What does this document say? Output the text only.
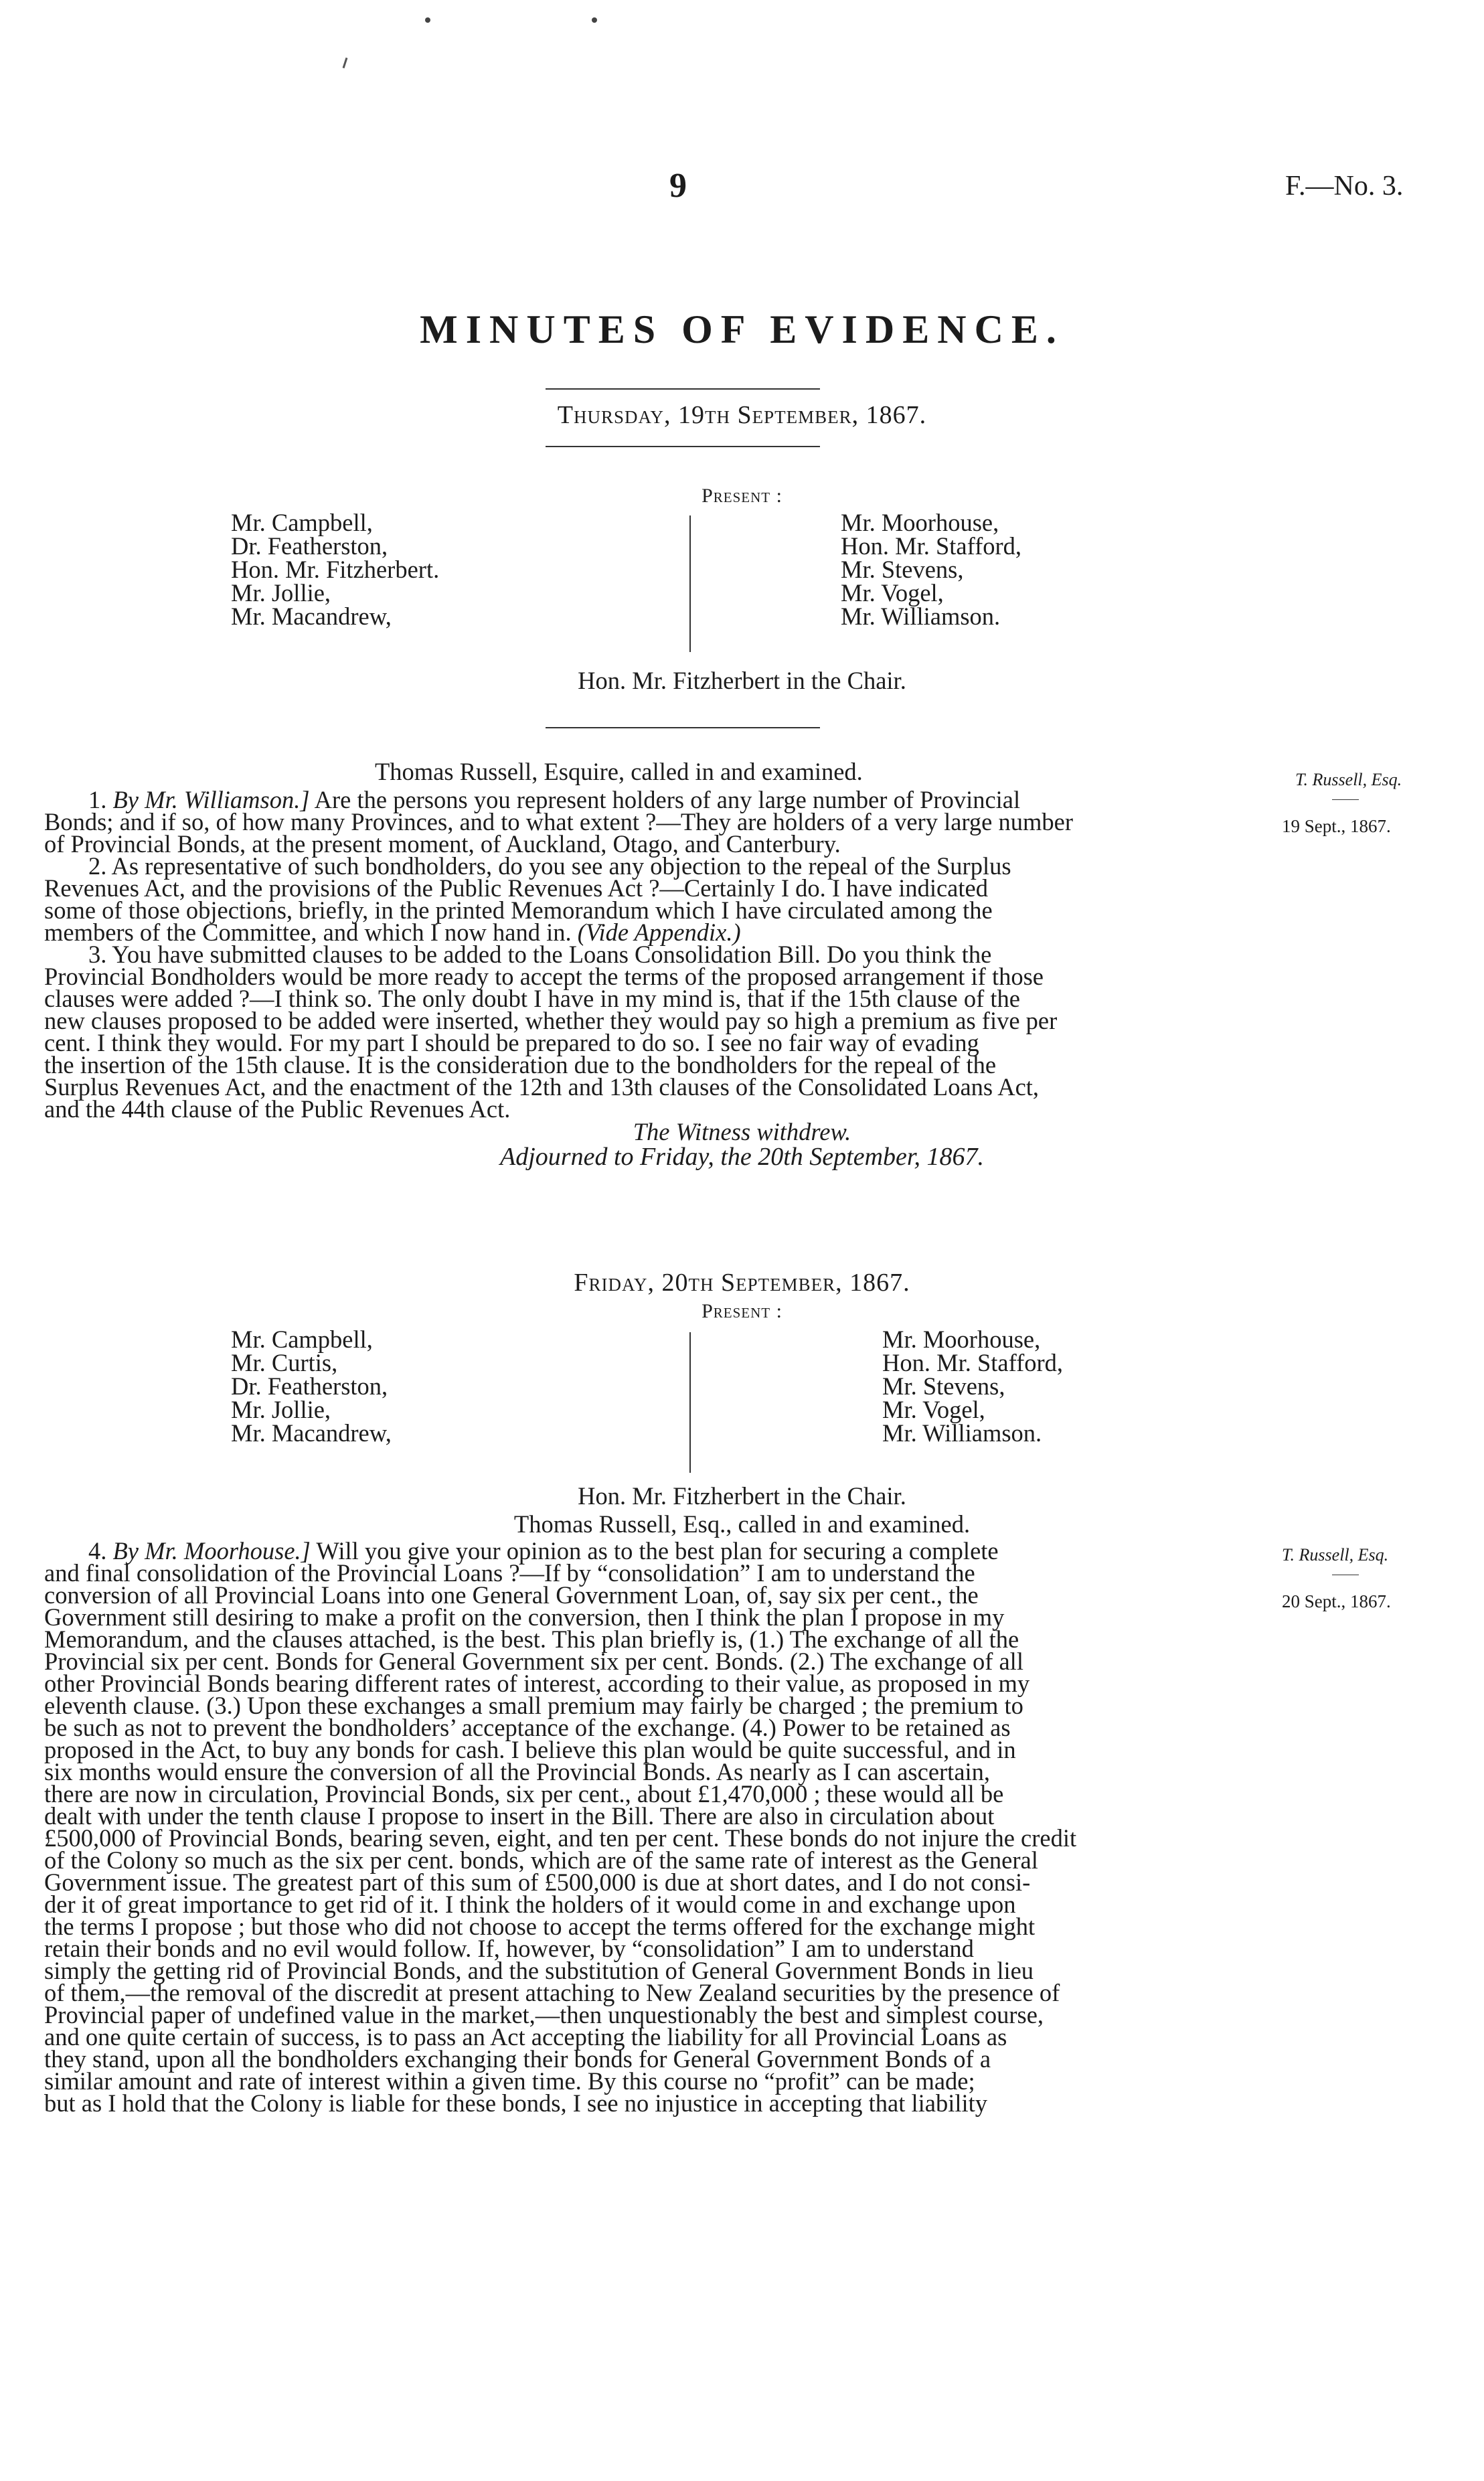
9	F.—No. 3.
MINUTES OF EVIDENCE.
Thursday, 19th September, 1867.
Present :
Mr. Campbell,
Dr. Featherston,
Hon. Mr. Fitzherbert.
Mr. Jollie,
Mr. Macandrew,
Mr. Moorhouse,
Hon. Mr. Stafford,
Mr. Stevens,
Mr. Vogel,
Mr. Williamson.
Hon. Mr. Fitzherbert in the Chair.
Thomas Russell, Esquire, called in and examined.	T. Russell, Esq.
19 Sept., 1867.
1. By Mr. Williamson.] Are the persons you represent holders of any large number of Provincial
Bonds; and if so, of how many Provinces, and to what extent ?—They are holders of a very large number
of Provincial Bonds, at the present moment, of Auckland, Otago, and Canterbury.
2. As representative of such bondholders, do you see any objection to the repeal of the Surplus
Revenues Act, and the provisions of the Public Revenues Act ?—Certainly I do. I have indicated
some of those objections, briefly, in the printed Memorandum which I have circulated among the
members of the Committee, and which I now hand in. (Vide Appendix.)
3. You have submitted clauses to be added to the Loans Consolidation Bill. Do you think the
Provincial Bondholders would be more ready to accept the terms of the proposed arrangement if those
clauses were added ?—I think so. The only doubt I have in my mind is, that if the 15th clause of the
new clauses proposed to be added were inserted, whether they would pay so high a premium as five per
cent. I think they would. For my part I should be prepared to do so. I see no fair way of evading
the insertion of the 15th clause. It is the consideration due to the bondholders for the repeal of the
Surplus Revenues Act, and the enactment of the 12th and 13th clauses of the Consolidated Loans Act,
and the 44th clause of the Public Revenues Act.
The Witness withdrew.
Adjourned to Friday, the 20th September, 1867.
Friday, 20th September, 1867.
Present :
Mr. Campbell,
Mr. Curtis,
Dr. Featherston,
Mr. Jollie,
Mr. Macandrew,
Mr. Moorhouse,
Hon. Mr. Stafford,
Mr. Stevens,
Mr. Vogel,
Mr. Williamson.
Hon. Mr. Fitzherbert in the Chair.
Thomas Russell, Esq., called in and examined.
T. Russell, Esq.
20 Sept., 1867.
4. By Mr. Moorhouse.] Will you give your opinion as to the best plan for securing a complete
and final consolidation of the Provincial Loans ?—If by “consolidation” I am to understand the
conversion of all Provincial Loans into one General Government Loan, of, say six per cent., the
Government still desiring to make a profit on the conversion, then I think the plan I propose in my
Memorandum, and the clauses attached, is the best. This plan briefly is, (1.) The exchange of all the
Provincial six per cent. Bonds for General Government six per cent. Bonds. (2.) The exchange of all
other Provincial Bonds bearing different rates of interest, according to their value, as proposed in my
eleventh clause. (3.) Upon these exchanges a small premium may fairly be charged ; the premium to
be such as not to prevent the bondholders’ acceptance of the exchange. (4.) Power to be retained as
proposed in the Act, to buy any bonds for cash. I believe this plan would be quite successful, and in
six months would ensure the conversion of all the Provincial Bonds. As nearly as I can ascertain,
there are now in circulation, Provincial Bonds, six per cent., about £1,470,000 ; these would all be
dealt with under the tenth clause I propose to insert in the Bill. There are also in circulation about
£500,000 of Provincial Bonds, bearing seven, eight, and ten per cent. These bonds do not injure the credit
of the Colony so much as the six per cent. bonds, which are of the same rate of interest as the General
Government issue. The greatest part of this sum of £500,000 is due at short dates, and I do not consi-
der it of great importance to get rid of it. I think the holders of it would come in and exchange upon
the terms I propose ; but those who did not choose to accept the terms offered for the exchange might
retain their bonds and no evil would follow. If, however, by “consolidation” I am to understand
simply the getting rid of Provincial Bonds, and the substitution of General Government Bonds in lieu
of them,—the removal of the discredit at present attaching to New Zealand securities by the presence of
Provincial paper of undefined value in the market,—then unquestionably the best and simplest course,
and one quite certain of success, is to pass an Act accepting the liability for all Provincial Loans as
they stand, upon all the bondholders exchanging their bonds for General Government Bonds of a
similar amount and rate of interest within a given time. By this course no “profit” can be made;
but as I hold that the Colony is liable for these bonds, I see no injustice in accepting that liability
